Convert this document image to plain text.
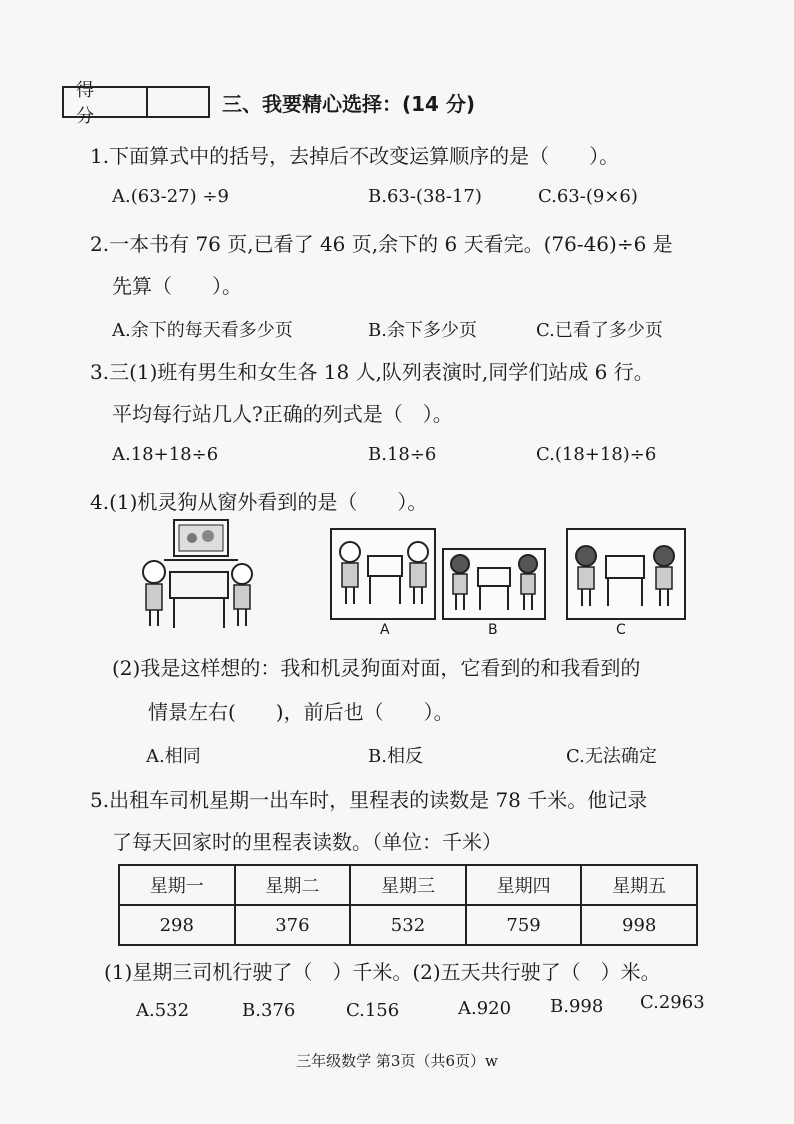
得 分
三、我要精心选择：(14 分)
1.下面算式中的括号，去掉后不改变运算顺序的是（　　）。
A.(63-27) ÷9	B.63-(38-17)	C.63-(9×6)
2.一本书有 76 页,已看了 46 页,余下的 6 天看完。(76-46)÷6 是
先算（　　）。
A.余下的每天看多少页	B.余下多少页	C.已看了多少页
3.三(1)班有男生和女生各 18 人,队列表演时,同学们站成 6 行。
平均每行站几人?正确的列式是（　）。
A.18+18÷6	B.18÷6	C.(18+18)÷6
4.(1)机灵狗从窗外看到的是（　　）。
A	B	C
(2)我是这样想的：我和机灵狗面对面，它看到的和我看到的
情景左右(　　)，前后也（　　）。
A.相同	B.相反	C.无法确定
5.出租车司机星期一出车时，里程表的读数是 78 千米。他记录
了每天回家时的里程表读数。（单位：千米）
星期一	星期二	星期三	星期四	星期五
298	376	532	759	998
(1)星期三司机行驶了（　）千米。(2)五天共行驶了（　）米。
A.532	B.376	C.156	A.920 B.998 C.2963
三年级数学 第3页（共6页）w
